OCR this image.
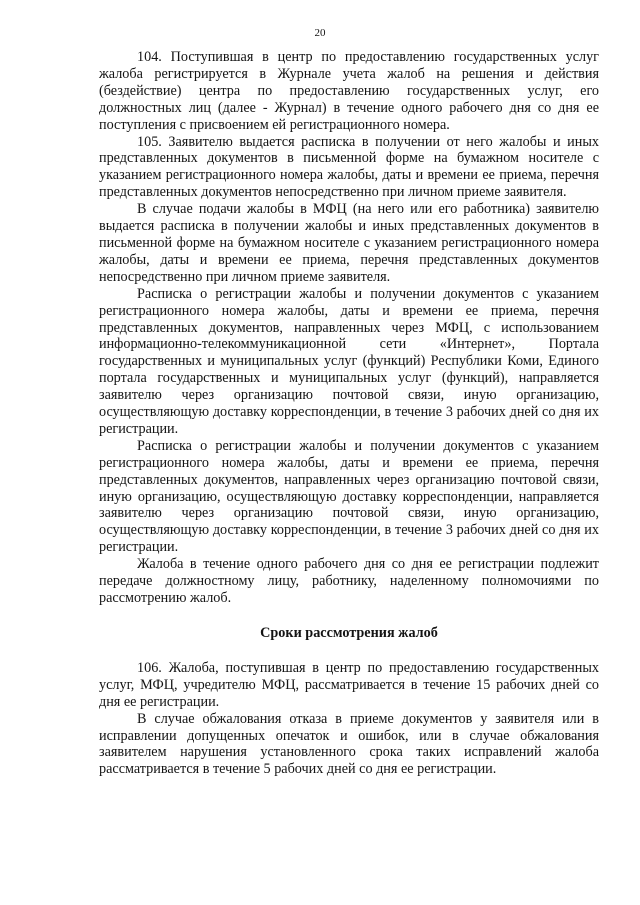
20

104. Поступившая в центр по предоставлению государственных услуг жалоба регистрируется в Журнале учета жалоб на решения и действия (бездействие) центра по предоставлению государственных услуг, его должностных лиц (далее - Журнал) в течение одного рабочего дня со дня ее поступления с присвоением ей регистрационного номера.

105. Заявителю выдается расписка в получении от него жалобы и иных представленных документов в письменной форме на бумажном носителе с указанием регистрационного номера жалобы, даты и времени ее приема, перечня представленных документов непосредственно при личном приеме заявителя.

В случае подачи жалобы в МФЦ (на него или его работника) заявителю выдается расписка в получении жалобы и иных представленных документов в письменной форме на бумажном носителе с указанием регистрационного номера жалобы, даты и времени ее приема, перечня представленных документов непосредственно при личном приеме заявителя.

Расписка о регистрации жалобы и получении документов с указанием регистрационного номера жалобы, даты и времени ее приема, перечня представленных документов, направленных через МФЦ, с использованием информационно-телекоммуникационной сети «Интернет», Портала государственных и муниципальных услуг (функций) Республики Коми, Единого портала государственных и муниципальных услуг (функций), направляется заявителю через организацию почтовой связи, иную организацию, осуществляющую доставку корреспонденции, в течение 3 рабочих дней со дня их регистрации.

Расписка о регистрации жалобы и получении документов с указанием регистрационного номера жалобы, даты и времени ее приема, перечня представленных документов, направленных через организацию почтовой связи, иную организацию, осуществляющую доставку корреспонденции, направляется заявителю через организацию почтовой связи, иную организацию, осуществляющую доставку корреспонденции, в течение 3 рабочих дней со дня их регистрации.

Жалоба в течение одного рабочего дня со дня ее регистрации подлежит передаче должностному лицу, работнику, наделенному полномочиями по рассмотрению жалоб.

Сроки рассмотрения жалоб

106. Жалоба, поступившая в центр по предоставлению государственных услуг, МФЦ, учредителю МФЦ, рассматривается в течение 15 рабочих дней со дня ее регистрации.

В случае обжалования отказа в приеме документов у заявителя или в исправлении допущенных опечаток и ошибок, или в случае обжалования заявителем нарушения установленного срока таких исправлений жалоба рассматривается в течение 5 рабочих дней со дня ее регистрации.
